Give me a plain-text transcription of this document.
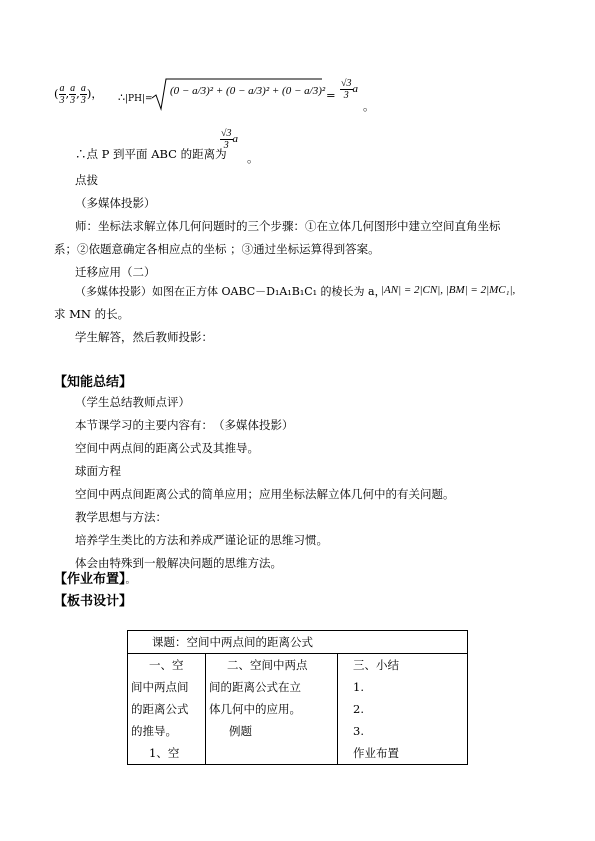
( $\frac{a}{3}$ , $\frac{a}{3}$ , $\frac{a}{3}$ )， ∴|PH|=
$(0 - a/3)^2 + (0 - a/3)^2 + (0 - a/3)^2 = \frac{√3}{3}$ a
。
∴点 P 到平面 ABC 的距离为
$\frac{√3}{3}$ a
。
点拔
（多媒体投影）
师：坐标法求解立体几何问题时的三个步骤：①在立体几何图形中建立空间直角坐标
系；②依题意确定各相应点的坐标 ；③通过坐标运算得到答案。
迁移应用（二）
（多媒体投影）如图在正方体 OABC－D₁A₁B₁C₁ 的棱长为 a，
|AN| = 2|CN|, |BM| = 2|MC₁|,
求 MN 的长。
学生解答，然后教师投影：
【知能总结】
（学生总结教师点评）
本节课学习的主要内容有：　（多媒体投影）
空间中两点间的距离公式及其推导。
球面方程
空间中两点间距离公式的简单应用；应用坐标法解立体几何中的有关问题。
教学思想与方法：
培养学生类比的方法和养成严谨论证的思维习惯。
体会由特殊到一般解决问题的思维方法。
【作业布置】。
【板书设计】
课题：空间中两点间的距离公式

一、空
间中两点间
的距离公式
的推导。
1、空

二、空间中两点
间的距离公式在立
体几何中的应用。
例题

三、小结
1.
2.
3.
作业布置
